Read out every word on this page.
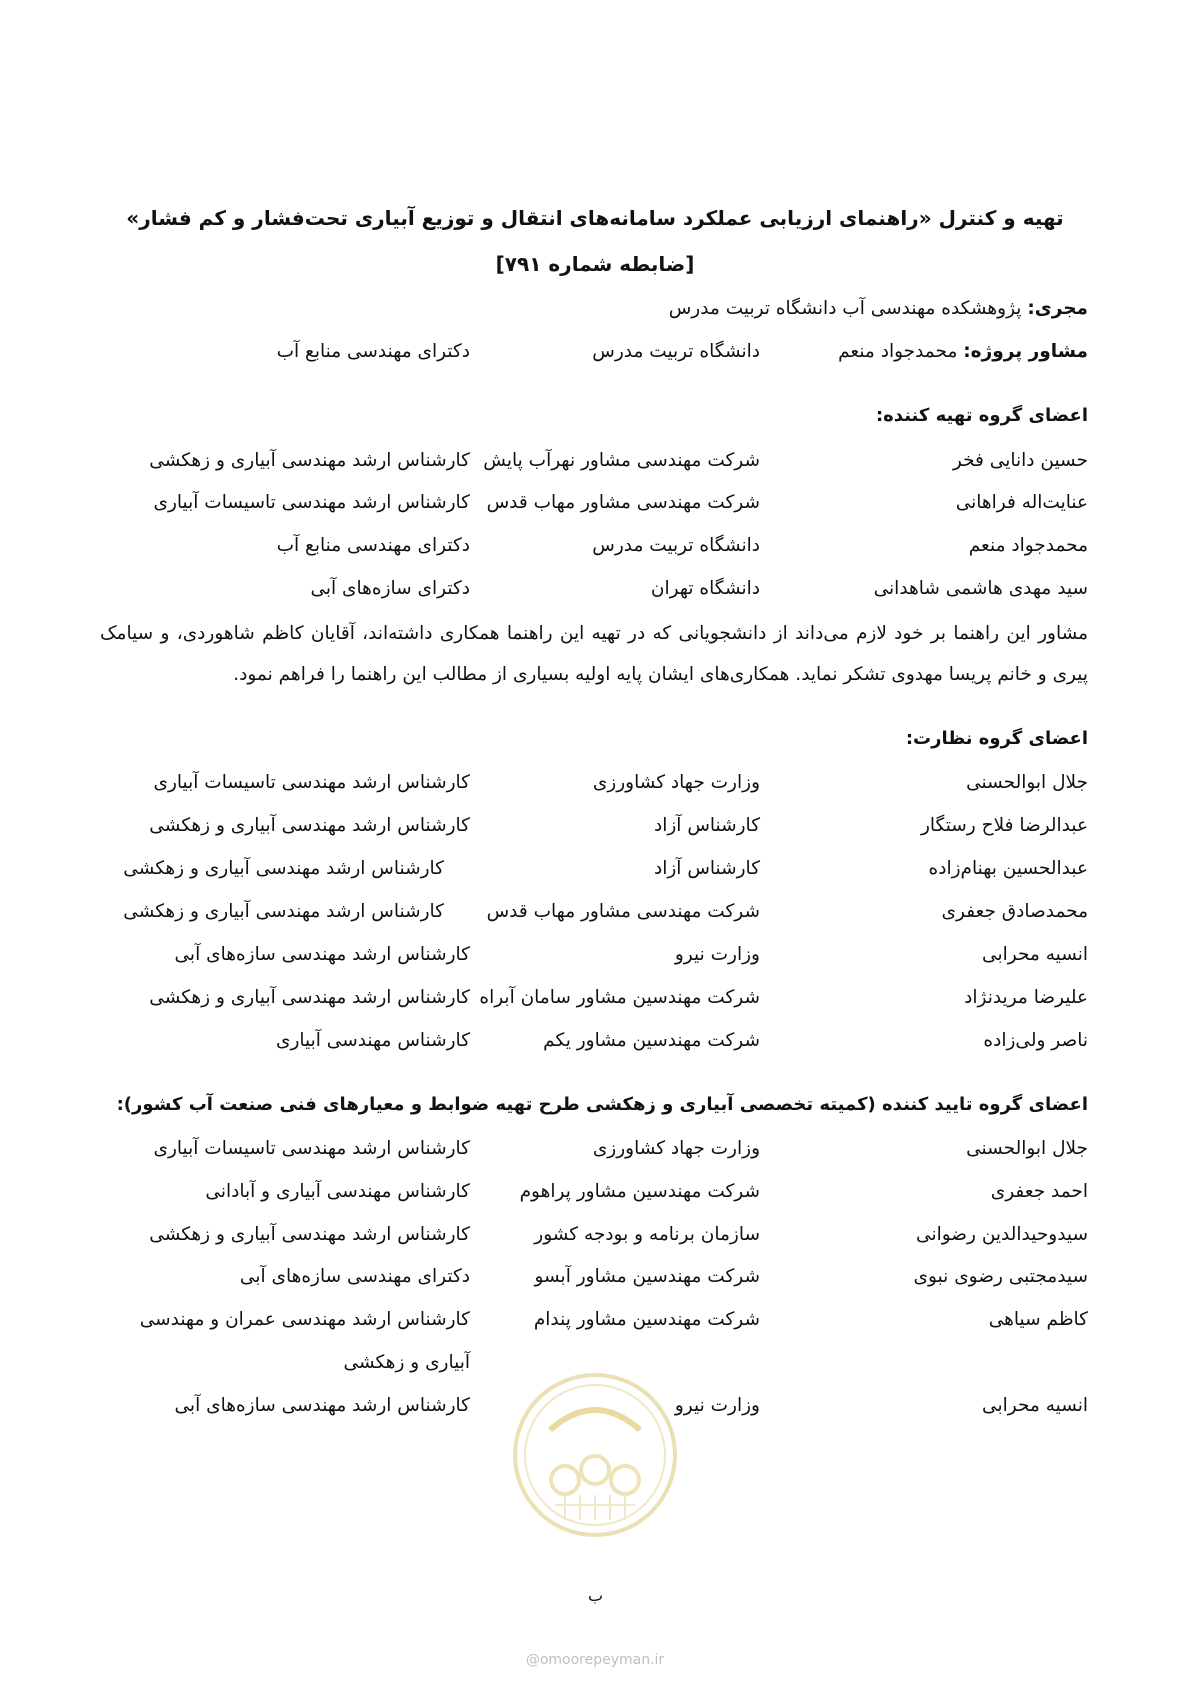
تهیه و کنترل «راهنمای ارزیابی عملکرد سامانه‌های انتقال و توزیع آبیاری تحت‌فشار و کم فشار»
[ضابطه شماره ۷۹۱]
مجری: پژوهشکده مهندسی آب دانشگاه تربیت مدرس
مشاور پروژه: محمدجواد منعم
دانشگاه تربیت مدرس
دکترای مهندسی منابع آب
اعضای گروه تهیه کننده:
حسین دانایی فخر
شرکت مهندسی مشاور نهرآب پایش
کارشناس ارشد مهندسی آبیاری و زهکشی
عنایت‌اله فراهانی
شرکت مهندسی مشاور مهاب قدس
کارشناس ارشد مهندسی تاسیسات آبیاری
محمدجواد منعم
دانشگاه تربیت مدرس
دکترای مهندسی منابع آب
سید مهدی هاشمی شاهدانی
دانشگاه تهران
دکترای سازه‌های آبی
مشاور این راهنما بر خود لازم می‌داند از دانشجویانی که در تهیه این راهنما همکاری داشته‌اند، آقایان کاظم شاهوردی، و سیامک پیری و خانم پریسا مهدوی تشکر نماید. همکاری‌های ایشان پایه اولیه بسیاری از مطالب این راهنما را فراهم نمود.
اعضای گروه نظارت:
جلال ابوالحسنی
وزارت جهاد کشاورزی
کارشناس ارشد مهندسی تاسیسات آبیاری
عبدالرضا فلاح رستگار
کارشناس آزاد
کارشناس ارشد مهندسی آبیاری و زهکشی
عبدالحسین بهنام‌زاده
کارشناس آزاد
کارشناس ارشد مهندسی آبیاری و زهکشی
محمدصادق جعفری
شرکت مهندسی مشاور مهاب قدس
کارشناس ارشد مهندسی آبیاری و زهکشی
انسیه محرابی
وزارت نیرو
کارشناس ارشد مهندسی سازه‌های آبی
علیرضا مریدنژاد
شرکت مهندسین مشاور سامان آبراه
کارشناس ارشد مهندسی آبیاری و زهکشی
ناصر ولی‌زاده
شرکت مهندسین مشاور یکم
کارشناس مهندسی آبیاری
اعضای گروه تایید کننده (کمیته تخصصی آبیاری و زهکشی طرح تهیه ضوابط و معیارهای فنی صنعت آب کشور):
جلال ابوالحسنی
وزارت جهاد کشاورزی
کارشناس ارشد مهندسی تاسیسات آبیاری
احمد جعفری
شرکت مهندسین مشاور پراهوم
کارشناس مهندسی آبیاری و آبادانی
سیدوحیدالدین رضوانی
سازمان برنامه و بودجه کشور
کارشناس ارشد مهندسی آبیاری و زهکشی
سیدمجتبی رضوی نبوی
شرکت مهندسین مشاور آبسو
دکترای مهندسی سازه‌های آبی
کاظم سیاهی
شرکت مهندسین مشاور پندام
کارشناس ارشد مهندسی عمران و مهندسی
آبیاری و زهکشی
انسیه محرابی
وزارت نیرو
کارشناس ارشد مهندسی سازه‌های آبی
ب
@omoorepeyman.ir
